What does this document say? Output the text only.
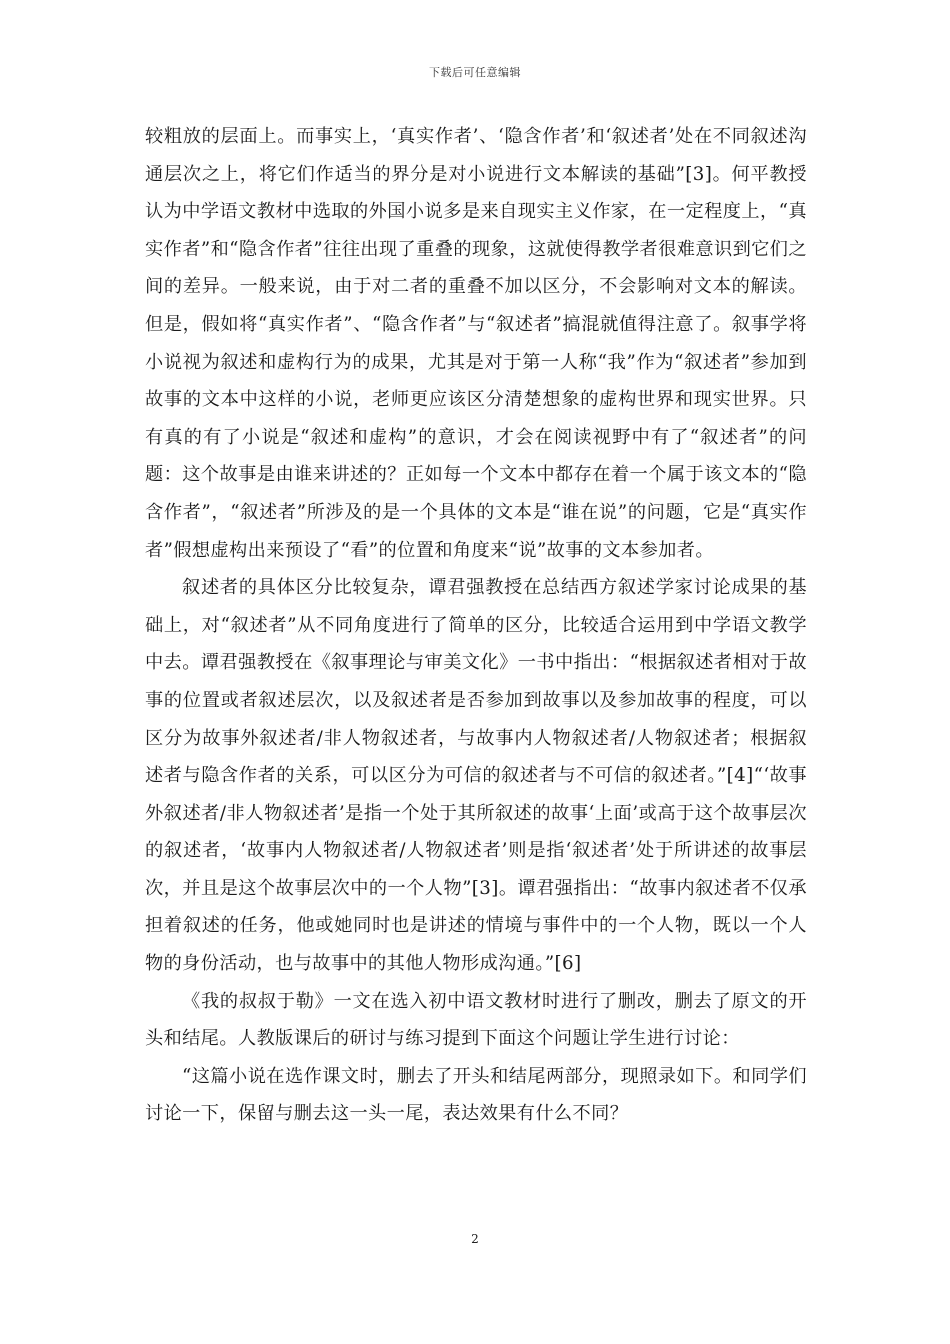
下载后可任意编辑

较粗放的层面上。而事实上，‘真实作者’、‘隐含作者’和‘叙述者’处在不同叙述沟通层次之上，将它们作适当的界分是对小说进行文本解读的基础”[3]。何平教授认为中学语文教材中选取的外国小说多是来自现实主义作家，在一定程度上，“真实作者”和“隐含作者”往往出现了重叠的现象，这就使得教学者很难意识到它们之间的差异。一般来说，由于对二者的重叠不加以区分，不会影响对文本的解读。但是，假如将“真实作者”、“隐含作者”与“叙述者”搞混就值得注意了。叙事学将小说视为叙述和虚构行为的成果，尤其是对于第一人称“我”作为“叙述者”参加到故事的文本中这样的小说，老师更应该区分清楚想象的虚构世界和现实世界。只有真的有了小说是“叙述和虚构”的意识，才会在阅读视野中有了“叙述者”的问题：这个故事是由谁来讲述的？正如每一个文本中都存在着一个属于该文本的“隐含作者”，“叙述者”所涉及的是一个具体的文本是“谁在说”的问题，它是“真实作者”假想虚构出来预设了“看”的位置和角度来“说”故事的文本参加者。

叙述者的具体区分比较复杂，谭君强教授在总结西方叙述学家讨论成果的基础上，对“叙述者”从不同角度进行了简单的区分，比较适合运用到中学语文教学中去。谭君强教授在《叙事理论与审美文化》一书中指出：“根据叙述者相对于故事的位置或者叙述层次，以及叙述者是否参加到故事以及参加故事的程度，可以区分为故事外叙述者/非人物叙述者，与故事内人物叙述者/人物叙述者；根据叙述者与隐含作者的关系，可以区分为可信的叙述者与不可信的叙述者。”[4]“‘故事外叙述者/非人物叙述者’是指一个处于其所叙述的故事‘上面’或高于这个故事层次的叙述者，‘故事内人物叙述者/人物叙述者’则是指‘叙述者’处于所讲述的故事层次，并且是这个故事层次中的一个人物”[3]。谭君强指出：“故事内叙述者不仅承担着叙述的任务，他或她同时也是讲述的情境与事件中的一个人物，既以一个人物的身份活动，也与故事中的其他人物形成沟通。”[6]

《我的叔叔于勒》一文在选入初中语文教材时进行了删改，删去了原文的开头和结尾。人教版课后的研讨与练习提到下面这个问题让学生进行讨论：

“这篇小说在选作课文时，删去了开头和结尾两部分，现照录如下。和同学们讨论一下，保留与删去这一头一尾，表达效果有什么不同？

2
